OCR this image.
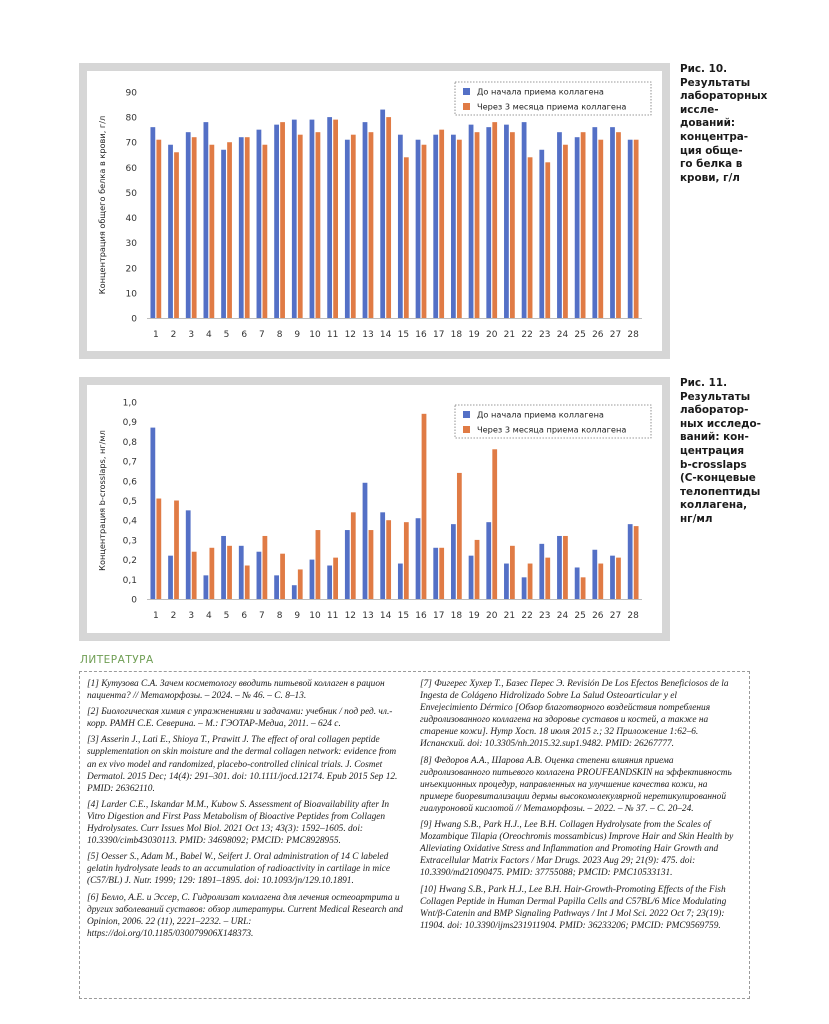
0
10
20
30
40
50
60
70
80
90
Концентрация общего белка в крови, г/л
1 2 3 4 5 6 7 8 9 10 11 12 13 14 15 16 17 18 19 20 21 22 23 24 25 26 27 28
До начала приема коллагена
Через 3 месяца приема коллагена
Рис. 10.
Результаты
лабораторных иссле-
дований:
концентра-
ция обще-
го белка в
крови, г/л
0
0,1
0,2
0,3
0,4
0,5
0,6
0,7
0,8
0,9
1,0
Концентрация b-crosslaps, нг/мл
1 2 3 4 5 6 7 8 9 10 11 12 13 14 15 16 17 18 19 20 21 22 23 24 25 26 27 28
До начала приема коллагена
Через 3 месяца приема коллагена
Рис. 11.
Результаты
лаборатор-
ных исследо-
ваний: кон-
центрация
b-crosslaps
(С-концевые
телопептиды
коллагена,
нг/мл
ЛИТЕРАТУРА

[1] Кутузова С.А. Зачем косметологу вводить питьевой коллаген в рацион пациента? // Метаморфозы. – 2024. – № 46. – С. 8–13.

[2] Биологическая химия с упражнениями и задачами: учебник / под ред. чл.-корр. РАМН С.Е. Северина. – М.: ГЭОТАР-Медиа, 2011. – 624 с.

[3] Asserin J., Lati E., Shioya T., Prawitt J. The effect of oral collagen peptide supplementation on skin moisture and the dermal collagen network: evidence from an ex vivo model and randomized, placebo-controlled clinical trials. J. Cosmet Dermatol. 2015 Dec; 14(4): 291–301. doi: 10.1111/jocd.12174. Epub 2015 Sep 12. PMID: 26362110.

[4] Larder C.E., Iskandar M.M., Kubow S. Assessment of Bioavailability after In Vitro Digestion and First Pass Metabolism of Bioactive Peptides from Collagen Hydrolysates. Curr Issues Mol Biol. 2021 Oct 13; 43(3): 1592–1605. doi: 10.3390/cimb43030113. PMID: 34698092; PMCID: PMC8928955.

[5] Oesser S., Adam M., Babel W., Seifert J. Oral administration of 14 C labeled gelatin hydrolysate leads to an accumulation of radioactivity in cartilage in mice (C57/BL) J. Nutr. 1999; 129: 1891–1895. doi: 10.1093/jn/129.10.1891.

[6] Белло, А.Е. и Эссер, С. Гидролизат коллагена для лечения остеоартрита и других заболеваний суставов: обзор литературы. Current Medical Research and Opinion, 2006. 22 (11), 2221–2232. – URL: https://doi.org/10.1185/030079906X148373.

[7] Фигерес Хухер Т., Базес Перес Э. Revisión De Los Efectos Beneficiosos de la Ingesta de Colágeno Hidrolizado Sobre La Salud Osteoarticular y el Envejecimiento Dérmico [Обзор благотворного воздействия потребления гидролизованного коллагена на здоровье суставов и костей, а также на старение кожи]. Нутр Хосп. 18 июля 2015 г.; 32 Приложение 1:62–6. Испанский. doi: 10.3305/nh.2015.32.sup1.9482. PMID: 26267777.

[8] Федоров А.А., Шарова А.В. Оценка степени влияния приема гидролизованного питьевого коллагена PROUFEANDSKIN на эффективность инъекционных процедур, направленных на улучшение качества кожи, на примере биоревитализации дермы высокомолекулярной неретикулированной гиалуроновой кислотой // Метаморфозы. – 2022. – № 37. – С. 20–24.

[9] Hwang S.B., Park H.J., Lee B.H. Collagen Hydrolysate from the Scales of Mozambique Tilapia (Oreochromis mossambicus) Improve Hair and Skin Health by Alleviating Oxidative Stress and Inflammation and Promoting Hair Growth and Extracellular Matrix Factors / Mar Drugs. 2023 Aug 29; 21(9): 475. doi: 10.3390/md21090475. PMID: 37755088; PMCID: PMC10533131.

[10] Hwang S.B., Park H.J., Lee B.H. Hair-Growth-Promoting Effects of the Fish Collagen Peptide in Human Dermal Papilla Cells and C57BL/6 Mice Modulating Wnt/β-Catenin and BMP Signaling Pathways / Int J Mol Sci. 2022 Oct 7; 23(19): 11904. doi: 10.3390/ijms231911904. PMID: 36233206; PMCID: PMC9569759.
